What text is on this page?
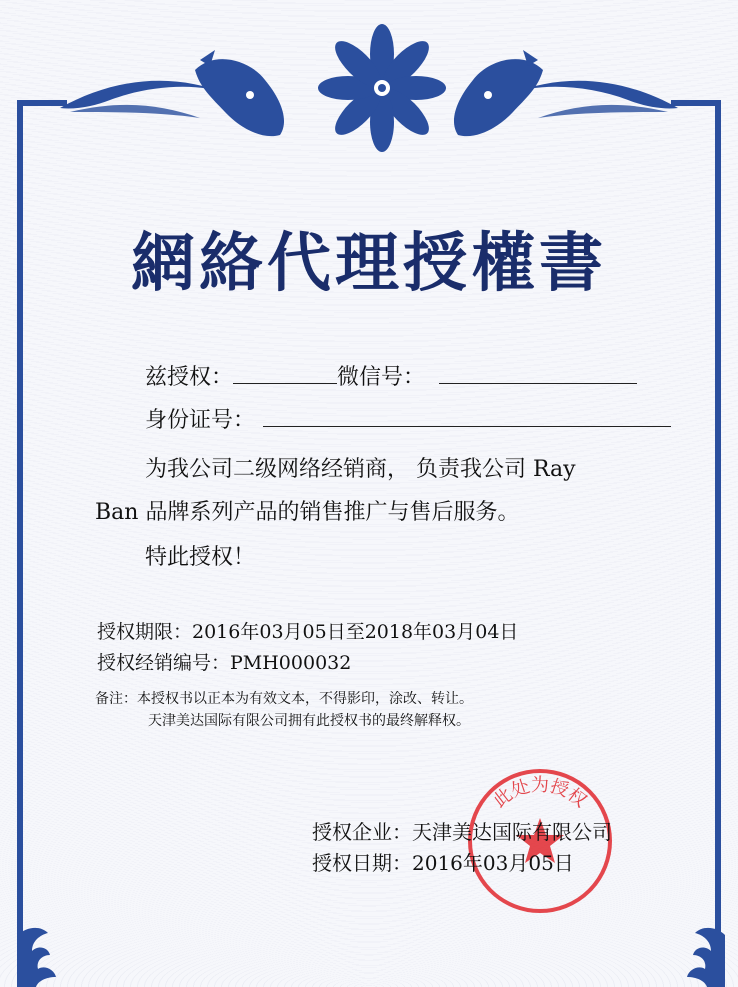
網絡代理授權書
兹授权：	微信号：
身份证号：
为我公司二级网络经销商， 负责我公司 Ray
Ban 品牌系列产品的销售推广与售后服务。
特此授权！
授权期限：2016年03月05日至2018年03月04日
授权经销编号：PMH000032
备注：本授权书以正本为有效文本，不得影印，涂改、转让。
天津美达国际有限公司拥有此授权书的最终解释权。
此处为授权
授权企业：天津美达国际有限公司
授权日期：2016年03月05日
